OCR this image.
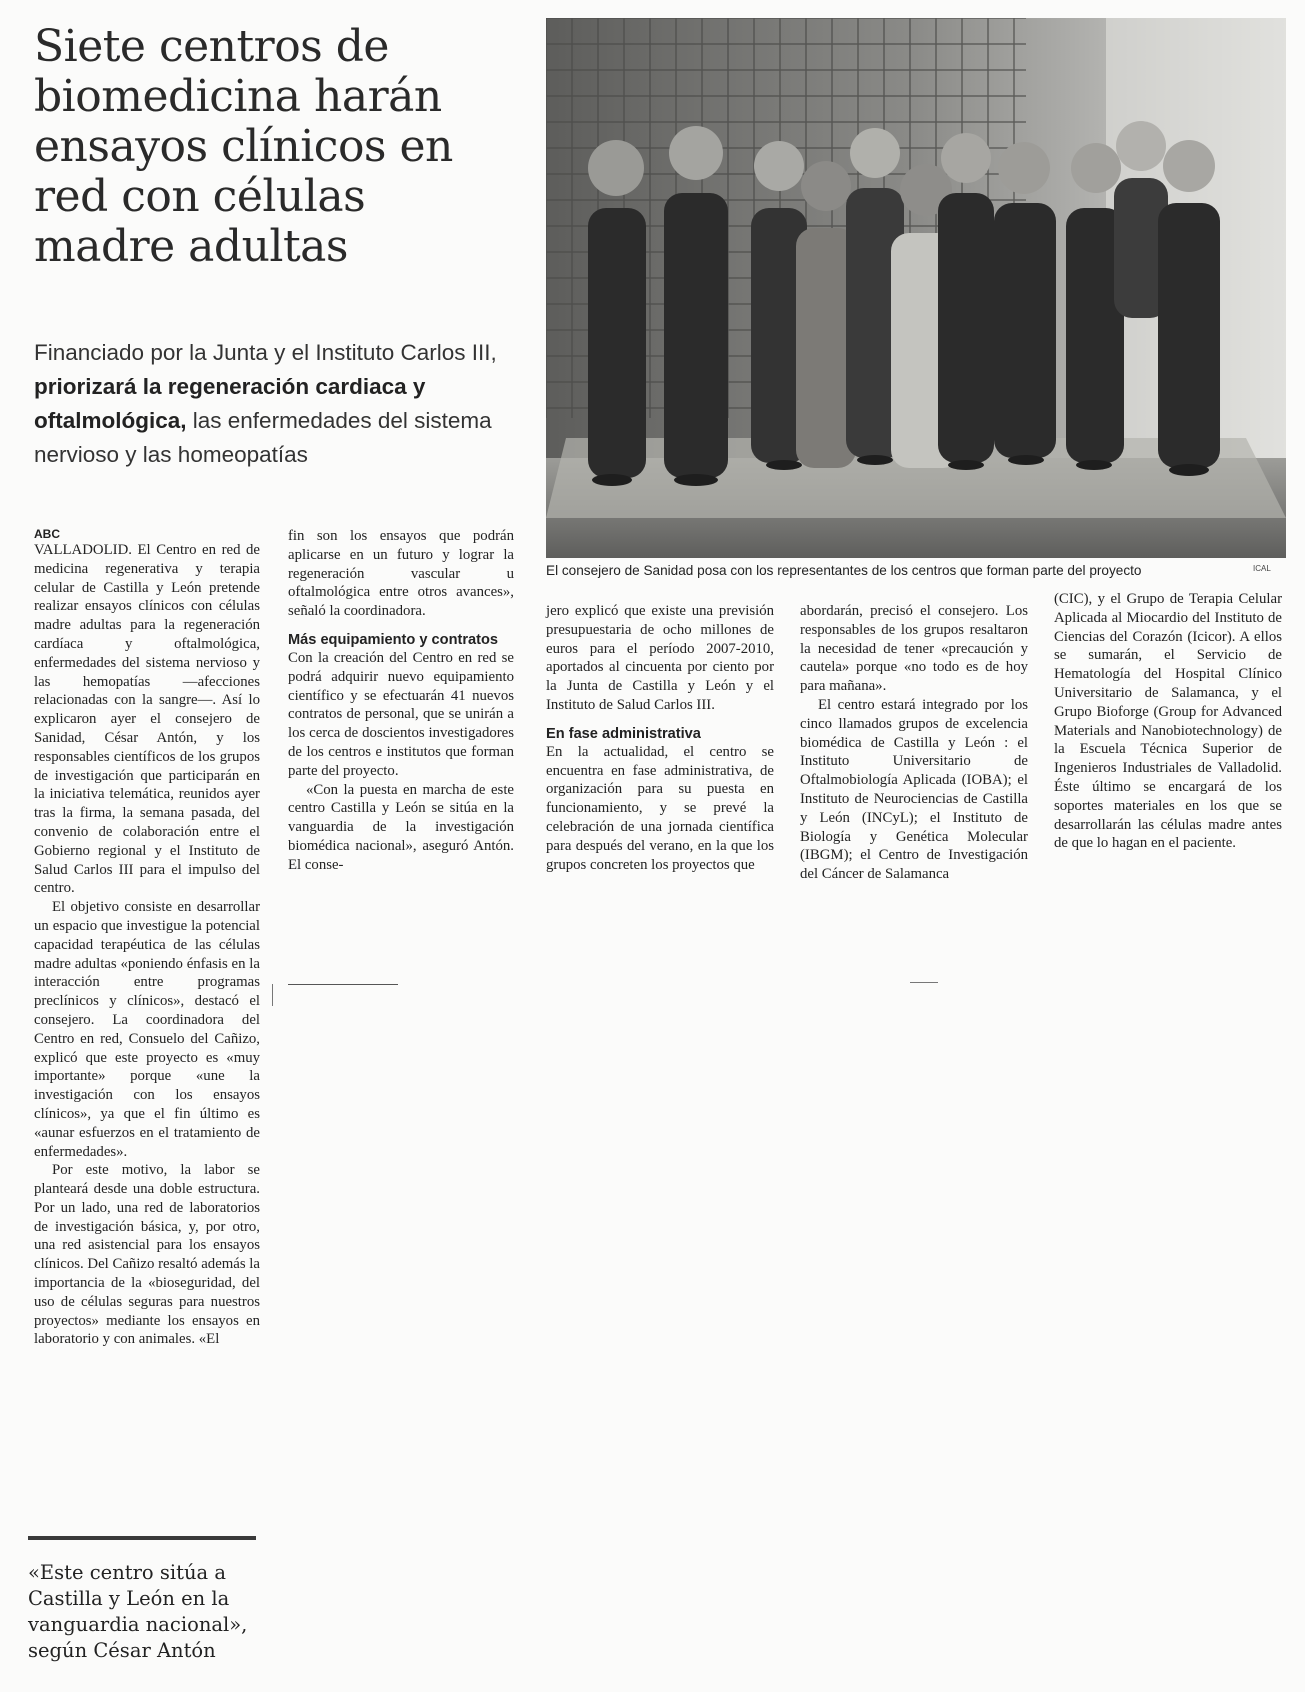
Siete centros de
biomedicina harán
ensayos clínicos en
red con células
madre adultas
Financiado por la Junta y el Instituto Carlos III, priorizará la regeneración cardiaca y oftalmológica, las enfermedades del sistema nervioso y las homeopatías
El consejero de Sanidad posa con los representantes de los centros que forman parte del proyecto	ICAL

ABC

VALLADOLID. El Centro en red de medicina regenerativa y terapia celular de Castilla y León pretende realizar ensayos clínicos con células madre adultas para la regeneración cardíaca y oftalmológica, enfermedades del sistema nervioso y las hemopatías —afecciones relacionadas con la sangre—. Así lo explicaron ayer el consejero de Sanidad, César Antón, y los responsables científicos de los grupos de investigación que participarán en la iniciativa telemática, reunidos ayer tras la firma, la semana pasada, del convenio de colaboración entre el Gobierno regional y el Instituto de Salud Carlos III para el impulso del centro.

El objetivo consiste en desarrollar un espacio que investigue la potencial capacidad terapéutica de las células madre adultas «poniendo énfasis en la interacción entre programas preclínicos y clínicos», destacó el consejero. La coordinadora del Centro en red, Consuelo del Cañizo, explicó que este proyecto es «muy importante» porque «une la investigación con los ensayos clínicos», ya que el fin último es «aunar esfuerzos en el tratamiento de enfermedades».

Por este motivo, la labor se planteará desde una doble estructura. Por un lado, una red de laboratorios de investigación básica, y, por otro, una red asistencial para los ensayos clínicos. Del Cañizo resaltó además la importancia de la «bioseguridad, del uso de células seguras para nuestros proyectos» mediante los ensayos en laboratorio y con animales. «El

fin son los ensayos que podrán aplicarse en un futuro y lograr la regeneración vascular u oftalmológica entre otros avances», señaló la coordinadora.

Más equipamiento y contratos

Con la creación del Centro en red se podrá adquirir nuevo equipamiento científico y se efectuarán 41 nuevos contratos de personal, que se unirán a los cerca de doscientos investigadores de los centros e institutos que forman parte del proyecto.

«Con la puesta en marcha de este centro Castilla y León se sitúa en la vanguardia de la investigación biomédica nacional», aseguró Antón. El conse-

jero explicó que existe una previsión presupuestaria de ocho millones de euros para el período 2007-2010, aportados al cincuenta por ciento por la Junta de Castilla y León y el Instituto de Salud Carlos III.

En fase administrativa

En la actualidad, el centro se encuentra en fase administrativa, de organización para su puesta en funcionamiento, y se prevé la celebración de una jornada científica para después del verano, en la que los grupos concreten los proyectos que

abordarán, precisó el consejero. Los responsables de los grupos resaltaron la necesidad de tener «precaución y cautela» porque «no todo es de hoy para mañana».

El centro estará integrado por los cinco llamados grupos de excelencia biomédica de Castilla y León : el Instituto Universitario de Oftalmobiología Aplicada (IOBA); el Instituto de Neurociencias de Castilla y León (INCyL); el Instituto de Biología y Genética Molecular (IBGM); el Centro de Investigación del Cáncer de Salamanca

(CIC), y el Grupo de Terapia Celular Aplicada al Miocardio del Instituto de Ciencias del Corazón (Icicor). A ellos se sumarán, el Servicio de Hematología del Hospital Clínico Universitario de Salamanca, y el Grupo Bioforge (Group for Advanced Materials and Nanobiotechnology) de la Escuela Técnica Superior de Ingenieros Industriales de Valladolid. Éste último se encargará de los soportes materiales en los que se desarrollarán las células madre antes de que lo hagan en el paciente.

«Este centro sitúa a Castilla y León en la vanguardia nacional», según César Antón
